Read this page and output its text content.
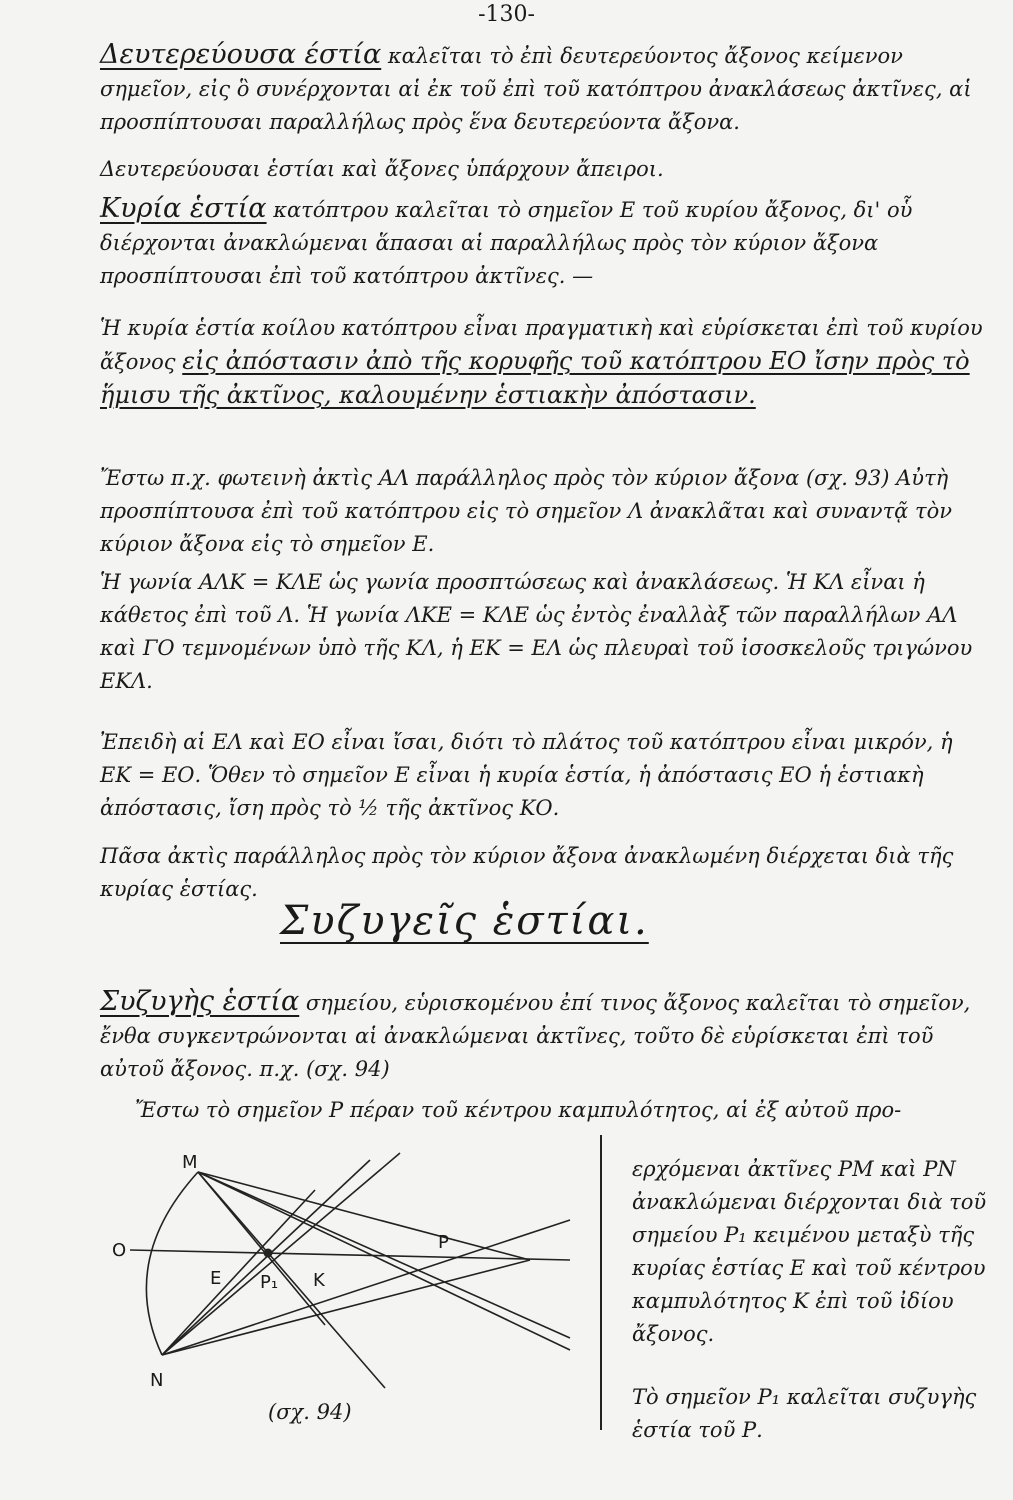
-130-

Δευτερεύουσα έστία καλεῖται τὸ ἐπὶ δευτερεύοντος ἄξονος κείμενον σημεῖον, εἰς ὃ συνέρχονται αἱ ἐκ τοῦ ἐπὶ τοῦ κατόπτρου ἀνακλάσεως ἀκτῖνες, αἱ προσπίπτουσαι παραλλήλως πρὸς ἕνα δευτερεύοντα ἄξονα.

Δευτερεύουσαι ἑστίαι καὶ ἄξονες ὑπάρχουν ἄπειροι.

Κυρία ἑστία κατόπτρου καλεῖται τὸ σημεῖον Ε τοῦ κυρίου ἄξονος, δι' οὗ διέρχονται ἀνακλώμεναι ἅπασαι αἱ παραλλήλως πρὸς τὸν κύριον ἄξονα προσπίπτουσαι ἐπὶ τοῦ κατόπτρου ἀκτῖνες. —

Ἡ κυρία ἑστία κοίλου κατόπτρου εἶναι πραγματικὴ καὶ εὑρίσκεται ἐπὶ τοῦ κυρίου ἄξονος εἰς ἀπόστασιν ἀπὸ τῆς κορυφῆς τοῦ κατόπτρου ΕΟ ἴσην πρὸς τὸ ἥμισυ τῆς ἀκτῖνος, καλουμένην ἑστιακὴν ἀπόστασιν.

Ἔστω π.χ. φωτεινὴ ἀκτὶς ΑΛ παράλληλος πρὸς τὸν κύριον ἄξονα (σχ. 93) Αὐτὴ προσπίπτουσα ἐπὶ τοῦ κατόπτρου εἰς τὸ σημεῖον Λ ἀνακλᾶται καὶ συναντᾷ τὸν κύριον ἄξονα εἰς τὸ σημεῖον Ε.

Ἡ γωνία ΑΛΚ = ΚΛΕ ὡς γωνία προσπτώσεως καὶ ἀνακλάσεως. Ἡ ΚΛ εἶναι ἡ κάθετος ἐπὶ τοῦ Λ. Ἡ γωνία ΛΚΕ = ΚΛΕ ὡς ἐντὸς ἐναλλὰξ τῶν παραλλήλων ΑΛ καὶ ΓΟ τεμνομένων ὑπὸ τῆς ΚΛ, ἡ ΕΚ = ΕΛ ὡς πλευραὶ τοῦ ἰσοσκελοῦς τριγώνου ΕΚΛ.

Ἐπειδὴ αἱ ΕΛ καὶ ΕΟ εἶναι ἴσαι, διότι τὸ πλάτος τοῦ κατόπτρου εἶναι μικρόν, ἡ ΕΚ = ΕΟ. Ὅθεν τὸ σημεῖον Ε εἶναι ἡ κυρία ἑστία, ἡ ἀπόστασις ΕΟ ἡ ἑστιακὴ ἀπόστασις, ἴση πρὸς τὸ ½ τῆς ἀκτῖνος ΚΟ.

Πᾶσα ἀκτὶς παράλληλος πρὸς τὸν κύριον ἄξονα ἀνακλωμένη διέρχεται διὰ τῆς κυρίας ἑστίας.

Συζυγεῖς ἑστίαι.

Συζυγὴς ἑστία σημείου, εὑρισκομένου ἐπί τινος ἄξονος καλεῖται τὸ σημεῖον, ἔνθα συγκεντρώνονται αἱ ἀνακλώμεναι ἀκτῖνες, τοῦτο δὲ εὑρίσκεται ἐπὶ τοῦ αὐτοῦ ἄξονος. π.χ. (σχ. 94)

Ἔστω τὸ σημεῖον Ρ πέραν τοῦ κέντρου καμπυλότητος, αἱ ἐξ αὐτοῦ προ-

ερχόμεναι ἀκτῖνες ΡΜ καὶ ΡΝ ἀνακλώμεναι διέρχονται διὰ τοῦ σημείου Ρ₁ κειμένου μεταξὺ τῆς κυρίας ἑστίας Ε καὶ τοῦ κέντρου καμπυλότητος Κ ἐπὶ τοῦ ἰδίου ἄξονος.

Τὸ σημεῖον Ρ₁ καλεῖται συζυγὴς ἑστία τοῦ Ρ.

M
O
E P₁ K
P
N
(σχ. 94)
